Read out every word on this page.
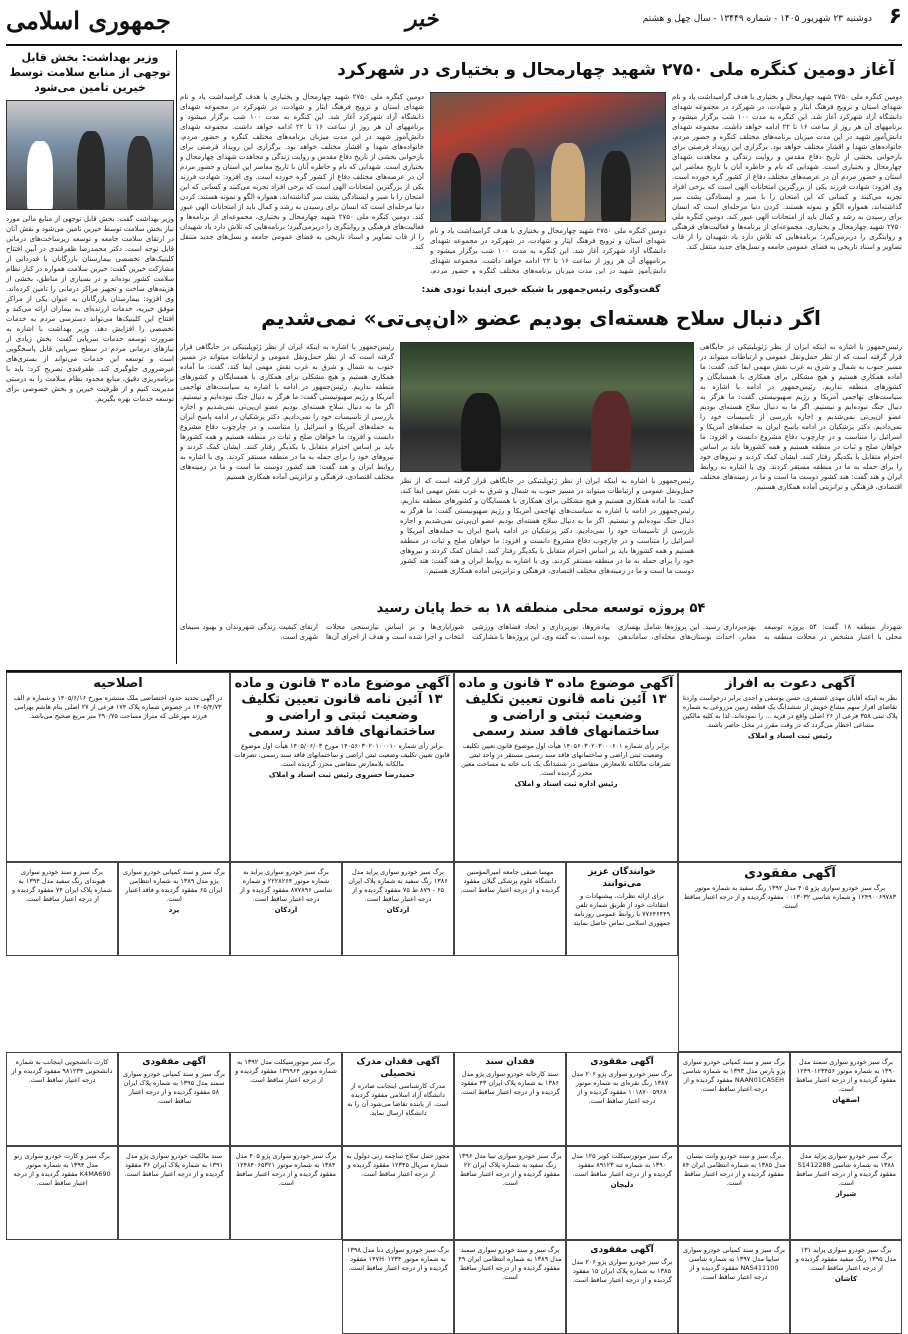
۶
دوشنبه ۲۳ شهریور ۱۴۰۵ - شماره ۱۳۴۴۹ - سال چهل و هشتم
خبر
جمهوری اسلامی
آغاز دومین کنگره ملی ۲۷۵۰ شهید چهارمحال و بختیاری در شهرکرد
دومین کنگره ملی ۲۷۵۰ شهید چهارمحال و بختیاری با هدف گرامیداشت یاد و نام شهدای استان و ترویج فرهنگ ایثار و شهادت، در شهرکرد در مجموعه شهدای دانشگاه آزاد شهرکرد آغاز شد. این کنگره به مدت ۱۰۰ شب برگزار میشود و برنامههای آن هر روز از ساعت ۱۶ تا ۲۲ ادامه خواهد داشت. مجموعه شهدای دانش‌آموز شهید در این مدت میزبان برنامه‌های مختلف کنگره و حضور مردم، خانواده‌های شهدا و اقشار مختلف خواهد بود. برگزاری این رویداد فرصتی برای بازخوانی بخشی از تاریخ دفاع مقدس و روایت زندگی و مجاهدت شهدای چهارمحال و بختیاری است. شهدایی که نام و خاطره آنان با تاریخ معاصر این استان و حضور مردم آن در عرصه‌های مختلف دفاع از کشور گره خورده است. وی افزود: شهادت فرزند یکی از بزرگترین امتحانات الهی است که برخی افراد تجربه می‌کنند و کسانی که این امتحان را با صبر و ایستادگی پشت سر گذاشته‌اند، همواره الگو و نمونه هستند. کردن دنیا مرحله‌ای است که انسان برای رسیدن به رشد و کمال باید از امتحانات الهی عبور کند. دومین کنگره ملی ۲۷۵۰ شهید چهارمحال و بختیاری، مجموعه‌ای از برنامه‌ها و فعالیت‌های فرهنگی و روایتگری را دربرمی‌گیرد؛ برنامه‌هایی که تلاش دارد یاد شهیدان را از قاب تصاویر و اسناد تاریخی به فضای عمومی جامعه و نسل‌های جدید منتقل کند.
دومین کنگره ملی ۲۷۵۰ شهید چهارمحال و بختیاری با هدف گرامیداشت یاد و نام شهدای استان و ترویج فرهنگ ایثار و شهادت، در شهرکرد در مجموعه شهدای دانشگاه آزاد شهرکرد آغاز شد. این کنگره به مدت ۱۰۰ شب برگزار میشود و برنامههای آن هر روز از ساعت ۱۶ تا ۲۲ ادامه خواهد داشت. مجموعه شهدای دانش‌آموز شهید در این مدت میزبان برنامه‌های مختلف کنگره و حضور مردم،
دومین کنگره ملی ۲۷۵۰ شهید چهارمحال و بختیاری با هدف گرامیداشت یاد و نام شهدای استان و ترویج فرهنگ ایثار و شهادت، در شهرکرد در مجموعه شهدای دانشگاه آزاد شهرکرد آغاز شد. این کنگره به مدت ۱۰۰ شب برگزار میشود و برنامههای آن هر روز از ساعت ۱۶ تا ۲۲ ادامه خواهد داشت. مجموعه شهدای دانش‌آموز شهید در این مدت میزبان برنامه‌های مختلف کنگره و حضور مردم، خانواده‌های شهدا و اقشار مختلف خواهد بود. برگزاری این رویداد فرصتی برای بازخوانی بخشی از تاریخ دفاع مقدس و روایت زندگی و مجاهدت شهدای چهارمحال و بختیاری است. شهدایی که نام و خاطره آنان با تاریخ معاصر این استان و حضور مردم آن در عرصه‌های مختلف دفاع از کشور گره خورده است. وی افزود: شهادت فرزند یکی از بزرگترین امتحانات الهی است که برخی افراد تجربه می‌کنند و کسانی که این امتحان را با صبر و ایستادگی پشت سر گذاشته‌اند، همواره الگو و نمونه هستند. کردن دنیا مرحله‌ای است که انسان برای رسیدن به رشد و کمال باید از امتحانات الهی عبور کند. دومین کنگره ملی ۲۷۵۰ شهید چهارمحال و بختیاری، مجموعه‌ای از برنامه‌ها و فعالیت‌های فرهنگی و روایتگری را دربرمی‌گیرد؛ برنامه‌هایی که تلاش دارد یاد شهیدان را از قاب تصاویر و اسناد تاریخی به فضای عمومی جامعه و نسل‌های جدید منتقل کند.
وزیر بهداشت: بخش قابل توجهی از منابع سلامت توسط خیرین تامین می‌شود
وزیر بهداشت گفت: بخش قابل توجهی از منابع مالی مورد نیاز بخش سلامت توسط خیرین تامین می‌شود و نقش آنان در ارتقای سلامت جامعه و توسعه زیرساخت‌های درمانی قابل توجه است. دکتر محمدرضا ظفرقندی در آیین افتتاح کلینیک‌های تخصصی بیمارستان بازرگانان با قدردانی از مشارکت خیرین گفت: خیرین سلامت همواره در کنار نظام سلامت کشور بوده‌اند و در بسیاری از مناطق، بخشی از هزینه‌های ساخت و تجهیز مراکز درمانی را تامین کرده‌اند. وی افزود: بیمارستان بازرگانان به عنوان یکی از مراکز موفق خیریه، خدمات ارزنده‌ای به بیماران ارائه می‌کند و افتتاح این کلینیک‌ها می‌تواند دسترسی مردم به خدمات تخصصی را افزایش دهد. وزیر بهداشت با اشاره به ضرورت توسعه خدمات سرپایی گفت: بخش زیادی از نیازهای درمانی مردم در سطح سرپایی قابل پاسخگویی است و توسعه این خدمات می‌تواند از بستری‌های غیرضروری جلوگیری کند. ظفرقندی تصریح کرد: باید با برنامه‌ریزی دقیق، منابع محدود نظام سلامت را به درستی مدیریت کنیم و از ظرفیت خیرین و بخش خصوصی برای توسعه خدمات بهره بگیریم.
گفت‌وگوی رئیس‌جمهور با شبکه خبری ایندیا تودی هند:
اگر دنبال سلاح هسته‌ای بودیم عضو «ان‌پی‌تی» نمی‌شدیم
رئیس‌جمهور با اشاره به اینکه ایران از نظر ژئوپلیتیکی در جایگاهی قرار گرفته است که از نظر حمل‌ونقل عمومی و ارتباطات میتواند در مسیر جنوب به شمال و شرق به غرب نقش مهمی ایفا کند، گفت: ما آماده همکاری هستیم و هیچ مشکلی برای همکاری با همسایگان و کشورهای منطقه نداریم. رئیس‌جمهور در ادامه با اشاره به سیاست‌های تهاجمی آمریکا و رژیم صهیونیستی گفت: ما هرگز به دنبال جنگ نبوده‌ایم و نیستیم. اگر ما به دنبال سلاح هسته‌ای بودیم عضو ان‌پی‌تی نمی‌شدیم و اجازه بازرسی از تاسیسات خود را نمی‌دادیم. دکتر پزشکیان در ادامه پاسخ ایران به حمله‌های آمریکا و اسرائیل را متناسب و در چارچوب دفاع مشروع دانست و افزود: ما خواهان صلح و ثبات در منطقه هستیم و همه کشورها باید بر اساس احترام متقابل با یکدیگر رفتار کنند. ایشان کمک کردند و نیروهای خود را برای حمله به ما در منطقه مستقر کردند. وی با اشاره به روابط ایران و هند گفت: هند کشور دوست ما است و ما در زمینه‌های مختلف اقتصادی، فرهنگی و ترانزیتی آماده همکاری هستیم.
رئیس‌جمهور با اشاره به اینکه ایران از نظر ژئوپلیتیکی در جایگاهی قرار گرفته است که از نظر حمل‌ونقل عمومی و ارتباطات میتواند در مسیر جنوب به شمال و شرق به غرب نقش مهمی ایفا کند، گفت: ما آماده همکاری هستیم و هیچ مشکلی برای همکاری با همسایگان و کشورهای منطقه نداریم. رئیس‌جمهور در ادامه با اشاره به سیاست‌های تهاجمی آمریکا و رژیم صهیونیستی گفت: ما هرگز به دنبال جنگ نبوده‌ایم و نیستیم. اگر ما به دنبال سلاح هسته‌ای بودیم عضو ان‌پی‌تی نمی‌شدیم و اجازه بازرسی از تاسیسات خود را نمی‌دادیم. دکتر پزشکیان در ادامه پاسخ ایران به حمله‌های آمریکا و اسرائیل را متناسب و در چارچوب دفاع مشروع دانست و افزود: ما خواهان صلح و ثبات در منطقه هستیم و همه کشورها باید بر اساس احترام متقابل با یکدیگر رفتار کنند. ایشان کمک کردند و نیروهای خود را برای حمله به ما در منطقه مستقر کردند. وی با اشاره به روابط ایران و هند گفت: هند کشور دوست ما است و ما در زمینه‌های مختلف اقتصادی، فرهنگی و ترانزیتی آماده همکاری هستیم.
رئیس‌جمهور با اشاره به اینکه ایران از نظر ژئوپلیتیکی در جایگاهی قرار گرفته است که از نظر حمل‌ونقل عمومی و ارتباطات میتواند در مسیر جنوب به شمال و شرق به غرب نقش مهمی ایفا کند، گفت: ما آماده همکاری هستیم و هیچ مشکلی برای همکاری با همسایگان و کشورهای منطقه نداریم. رئیس‌جمهور در ادامه با اشاره به سیاست‌های تهاجمی آمریکا و رژیم صهیونیستی گفت: ما هرگز به دنبال جنگ نبوده‌ایم و نیستیم. اگر ما به دنبال سلاح هسته‌ای بودیم عضو ان‌پی‌تی نمی‌شدیم و اجازه بازرسی از تاسیسات خود را نمی‌دادیم. دکتر پزشکیان در ادامه پاسخ ایران به حمله‌های آمریکا و اسرائیل را متناسب و در چارچوب دفاع مشروع دانست و افزود: ما خواهان صلح و ثبات در منطقه هستیم و همه کشورها باید بر اساس احترام متقابل با یکدیگر رفتار کنند. ایشان کمک کردند و نیروهای خود را برای حمله به ما در منطقه مستقر کردند. وی با اشاره به روابط ایران و هند گفت: هند کشور دوست ما است و ما در زمینه‌های مختلف اقتصادی، فرهنگی و ترانزیتی آماده همکاری هستیم.
۵۴ پروژه توسعه محلی منطقه ۱۸ به خط پایان رسید
شهردار منطقه ۱۸ گفت: ۵۴ پروژه توسعه محلی با اعتبار مشخص در محلات منطقه به بهره‌برداری رسید. این پروژه‌ها شامل بهسازی معابر، احداث بوستان‌های محله‌ای، ساماندهی پیاده‌روها، نورپردازی و ایجاد فضاهای ورزشی بوده است. به گفته وی، این پروژه‌ها با مشارکت شورایاری‌ها و بر اساس نیازسنجی محلات انتخاب و اجرا شده است و هدف از اجرای آن‌ها ارتقای کیفیت زندگی شهروندان و بهبود سیمای شهری است.
آگهی دعوت به افراز
نظر به اینکه آقایان مهدی غضنفری، حسن یوسفی و احدی برابر درخواست واردهٔ تقاضای افراز سهم مشاع خویش از ششدانگ یک قطعه زمین مزروعی به شماره پلاک ثبتی ۳۵۸ فرعی از ۲۶ اصلی واقع در قریه ... را نموده‌اند، لذا به کلیه مالکین مشاعی اخطار می‌گردد که در وقت مقرر در محل حاضر باشند.
رئیس ثبت اسناد و املاک
آگهی موضوع ماده ۳ قانون و ماده ۱۳ آئین نامه قانون تعیین تکلیف وضعیت ثبتی و اراضی و ساختمانهای فاقد سند رسمی
برابر رأی شماره ۱۴۰۵۶۰۳۰۲۰۳۰۰۰۶۰۱ هیأت اول موضوع قانون تعیین تکلیف وضعیت ثبتی اراضی و ساختمانهای فاقد سند رسمی مستقر در واحد ثبتی تصرفات مالکانه بلامعارض متقاضی در ششدانگ یک باب خانه به مساحت معین محرز گردیده است.
رئیس اداره ثبت اسناد و املاک
آگهی موضوع ماده ۳ قانون و ماده ۱۳ آئین نامه قانون تعیین تکلیف وضعیت ثبتی و اراضی و ساختمانهای فاقد سند رسمی
برابر رأی شماره ۱۴۰۵۶۰۳۰۲۰۱۰۰۰۱۰ مورخ ۱۴۰۵/۰۶/۰۳ هیأت اول موضوع قانون تعیین تکلیف وضعیت ثبتی اراضی و ساختمانهای فاقد سند رسمی، تصرفات مالکانه بلامعارض متقاضی محرز گردیده است.
حمیدرضا خسروی رئیس ثبت اسناد و املاک
اصلاحیه
در آگهی تحدید حدود اختصاصی ملک منتشره مورخ ۱۴۰۵/۶/۱۶ و شماره م الف ۱۴۰۵/۴/۷۳ در خصوص شماره پلاک ۱۷۴ فرعی از ۲۷ اصلی بنام هاشم بهرامی فرزند مهرعلی که متراژ مساحت ۲۹۰/۷۵ متر مربع صحیح می‌باشد.
آگهی مفقودی
برگ سبز خودرو سواری پژو ۴۰۵ مدل ۱۳۹۲ رنگ سفید به شماره موتور ۱۲۴۹۰۰۶۹۷۸۳ و شماره شاسی ۰۰۱۳۰۳۲ مفقود گردیده و از درجه اعتبار ساقط است.
خوانندگان عزیز می‌توانند
برای ارائه نظرات، پیشنهادات و انتقادات خود از طریق شماره تلفن ۷۷۶۴۶۴۴۹ با روابط عمومی روزنامه جمهوری اسلامی تماس حاصل نمایند
مهسا صیفی جامعه امیرالمؤمنین دانشگاه علوم پزشکی گیلان مفقود گردیده و از درجه اعتبار ساقط است.
برگ سبز خودرو سواری پراید مدل ۱۳۸۶ رنگ سفید به شماره پلاک ایران ۶۵ - ۸۷۹ ط ۷۵ مفقود گردیده و از درجه اعتبار ساقط است.
اردکان
برگ سبز خودرو سواری پراید به شماره موتور ۲۲۲۸۲۶۴ و شماره شاسی ۸۷۷۸۹۶ مفقود گردیده و از درجه اعتبار ساقط است.
اردکان
برگ سبز و سند کمپانی خودرو سواری پژو مدل ۱۳۸۹ به شماره انتظامی ایران ۶۵ مفقود گردیده و فاقد اعتبار است.
یزد
برگ سبز و سند خودرو سواری هیوندای رنگ سفید مدل ۱۳۹۴ به شماره پلاک ایران ۷۴ مفقود گردیده و از درجه اعتبار ساقط است.
برگ سبز خودرو سواری سمند مدل ۱۳۹۰ به شماره موتور ۱۲۴۹۰۱۲۳۴۵۶ مفقود گردیده و از درجه اعتبار ساقط است.
اصفهان
برگ سبز و سند کمپانی خودرو سواری پژو پارس مدل ۱۳۹۳ به شماره شاسی NAAN01CA5EH مفقود گردیده و از درجه اعتبار ساقط است.
آگهی مفقودی
برگ سبز خودرو سواری پژو ۲۰۶ مدل ۱۳۸۷ رنگ نقره‌ای به شماره موتور ۱۰۱۸۷۰۰۵۹۶۸ مفقود گردیده و از درجه اعتبار ساقط است.
فقدان سند
سند کارخانه خودرو سواری پژو مدل ۱۳۸۶ به شماره پلاک ایران ۴۳ مفقود گردیده و از درجه اعتبار ساقط است.
آگهی فقدان مدرک تحصیلی
مدرک کارشناسی اینجانب صادره از دانشگاه آزاد اسلامی مفقود گردیده است. از یابنده تقاضا می‌شود آن را به دانشگاه ارسال نماید.
برگ سبز موتورسیکلت مدل ۱۳۹۲ به شماره موتور ۱۳۹۹۶۴ مفقود گردیده و از درجه اعتبار ساقط است.
آگهی مفقودی
برگ سبز و سند کمپانی خودرو سواری سمند مدل ۱۳۹۵ به شماره پلاک ایران ۵۸ مفقود گردیده و از درجه اعتبار ساقط است.
کارت دانشجویی اینجانب به شماره دانشجویی ۹۸۱۲۳۴ مفقود گردیده و از درجه اعتبار ساقط است.
برگ سبز خودرو سواری پراید مدل ۱۳۸۸ به شماره شاسی S1412288 مفقود گردیده و از درجه اعتبار ساقط است.
شیراز
برگ سبز و سند خودرو وانت نیسان مدل ۱۳۸۵ به شماره انتظامی ایران ۸۴ مفقود گردیده و از درجه اعتبار ساقط است.
برگ سبز موتورسیکلت کویر ۱۲۵ مدل ۱۳۹۰ به شماره تنه ۸۹۱۲۳ مفقود گردیده و از درجه اعتبار ساقط است.
دلیجان
برگ سبز خودرو سواری تیبا مدل ۱۳۹۶ رنگ سفید به شماره پلاک ایران ۲۲ مفقود گردیده و از درجه اعتبار ساقط است.
مجوز حمل سلاح ساچمه زنی دولول به شماره سریال ۱۲۳۴۵ مفقود گردیده و از درجه اعتبار ساقط است.
برگ سبز خودرو سواری پژو ۴۰۵ مدل ۱۳۸۴ به شماره موتور ۱۲۴۸۴۰۶۵۳۲۱ مفقود گردیده و از درجه اعتبار ساقط است.
سند مالکیت خودرو سواری پژو مدل ۱۳۹۱ به شماره پلاک ایران ۳۶ مفقود گردیده و از درجه اعتبار ساقط است.
برگ سبز و کارت خودرو سواری رنو مدل ۱۳۹۴ به شماره موتور K4MA690 مفقود گردیده و از درجه اعتبار ساقط است.
برگ سبز خودرو سواری پراید ۱۳۱ مدل ۱۳۹۵ رنگ سفید مفقود گردیده و از درجه اعتبار ساقط است.
کاشان
برگ سبز و سند کمپانی خودرو سواری سایپا مدل ۱۳۹۷ به شماره شاسی NAS411100 مفقود گردیده و از درجه اعتبار ساقط است.
آگهی مفقودی
برگ سبز خودرو سواری پژو ۲۰۶ مدل ۱۳۸۵ به شماره پلاک ایران ۱۵ مفقود گردیده و از درجه اعتبار ساقط است.
برگ سبز و سند خودرو سواری سمند مدل ۱۳۸۹ به شماره انتظامی ایران ۴۹ مفقود گردیده و از درجه اعتبار ساقط است.
برگ سبز خودرو سواری دنا مدل ۱۳۹۸ به شماره موتور ۱۴۷H۰۱۲۳۴ مفقود گردیده و از درجه اعتبار ساقط است.
